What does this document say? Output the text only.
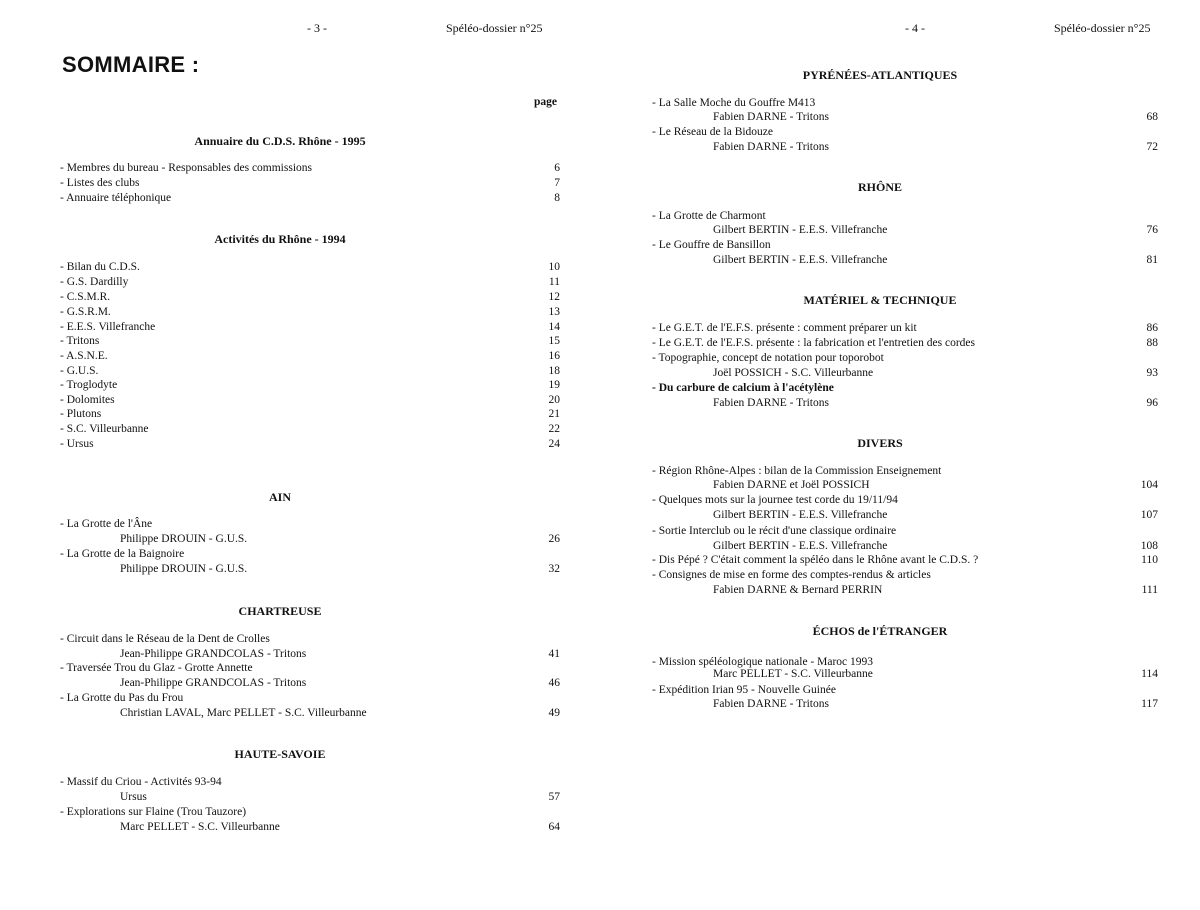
- 3 -	Spéléo-dossier n°25
SOMMAIRE :
page
Annuaire du C.D.S. Rhône - 1995
- Membres du bureau - Responsables des commissions	6
- Listes des clubs	7
- Annuaire téléphonique	8
Activités du Rhône - 1994
- Bilan du C.D.S.	10
- G.S. Dardilly	11
- C.S.M.R.	12
- G.S.R.M.	13
- E.E.S. Villefranche	14
- Tritons	15
- A.S.N.E.	16
- G.U.S.	18
- Troglodyte	19
- Dolomites	20
- Plutons	21
- S.C. Villeurbanne	22
- Ursus	24
AIN
- La Grotte de l'Âne
Philippe DROUIN - G.U.S.	26
- La Grotte de la Baignoire
Philippe DROUIN - G.U.S.	32
CHARTREUSE
- Circuit dans le Réseau de la Dent de Crolles
Jean-Philippe GRANDCOLAS - Tritons	41
- Traversée Trou du Glaz - Grotte Annette
Jean-Philippe GRANDCOLAS - Tritons	46
- La Grotte du Pas du Frou
Christian LAVAL, Marc PELLET - S.C. Villeurbanne	49
HAUTE-SAVOIE
- Massif du Criou - Activités 93-94
Ursus	57
- Explorations sur Flaine (Trou Tauzore)
Marc PELLET - S.C. Villeurbanne	64
- 4 -	Spéléo-dossier n°25
PYRÉNÉES-ATLANTIQUES
- La Salle Moche du Gouffre M413
Fabien DARNE - Tritons	68
- Le Réseau de la Bidouze
Fabien DARNE - Tritons	72
RHÔNE
- La Grotte de Charmont
Gilbert BERTIN - E.E.S. Villefranche	76
- Le Gouffre de Bansillon
Gilbert BERTIN - E.E.S. Villefranche	81
MATÉRIEL & TECHNIQUE
- Le G.E.T. de l'E.F.S. présente : comment préparer un kit	86
- Le G.E.T. de l'E.F.S. présente : la fabrication et l'entretien des cordes	88
- Topographie, concept de notation pour toporobot
Joël POSSICH - S.C. Villeurbanne	93
- Du carbure de calcium à l'acétylène
Fabien DARNE - Tritons	96
DIVERS
- Région Rhône-Alpes : bilan de la Commission Enseignement
Fabien DARNE et Joël POSSICH	104
- Quelques mots sur la journee test corde du 19/11/94
Gilbert BERTIN - E.E.S. Villefranche	107
- Sortie Interclub ou le récit d'une classique ordinaire
Gilbert BERTIN - E.E.S. Villefranche	108
- Dis Pépé ? C'était comment la spéléo dans le Rhône avant le C.D.S. ?	110
- Consignes de mise en forme des comptes-rendus & articles
Fabien DARNE & Bernard PERRIN	111
ÉCHOS de l'ÉTRANGER
- Mission spéléologique nationale - Maroc 1993
Marc PELLET - S.C. Villeurbanne	114
- Expédition Irian 95 - Nouvelle Guinée
Fabien DARNE - Tritons	117
